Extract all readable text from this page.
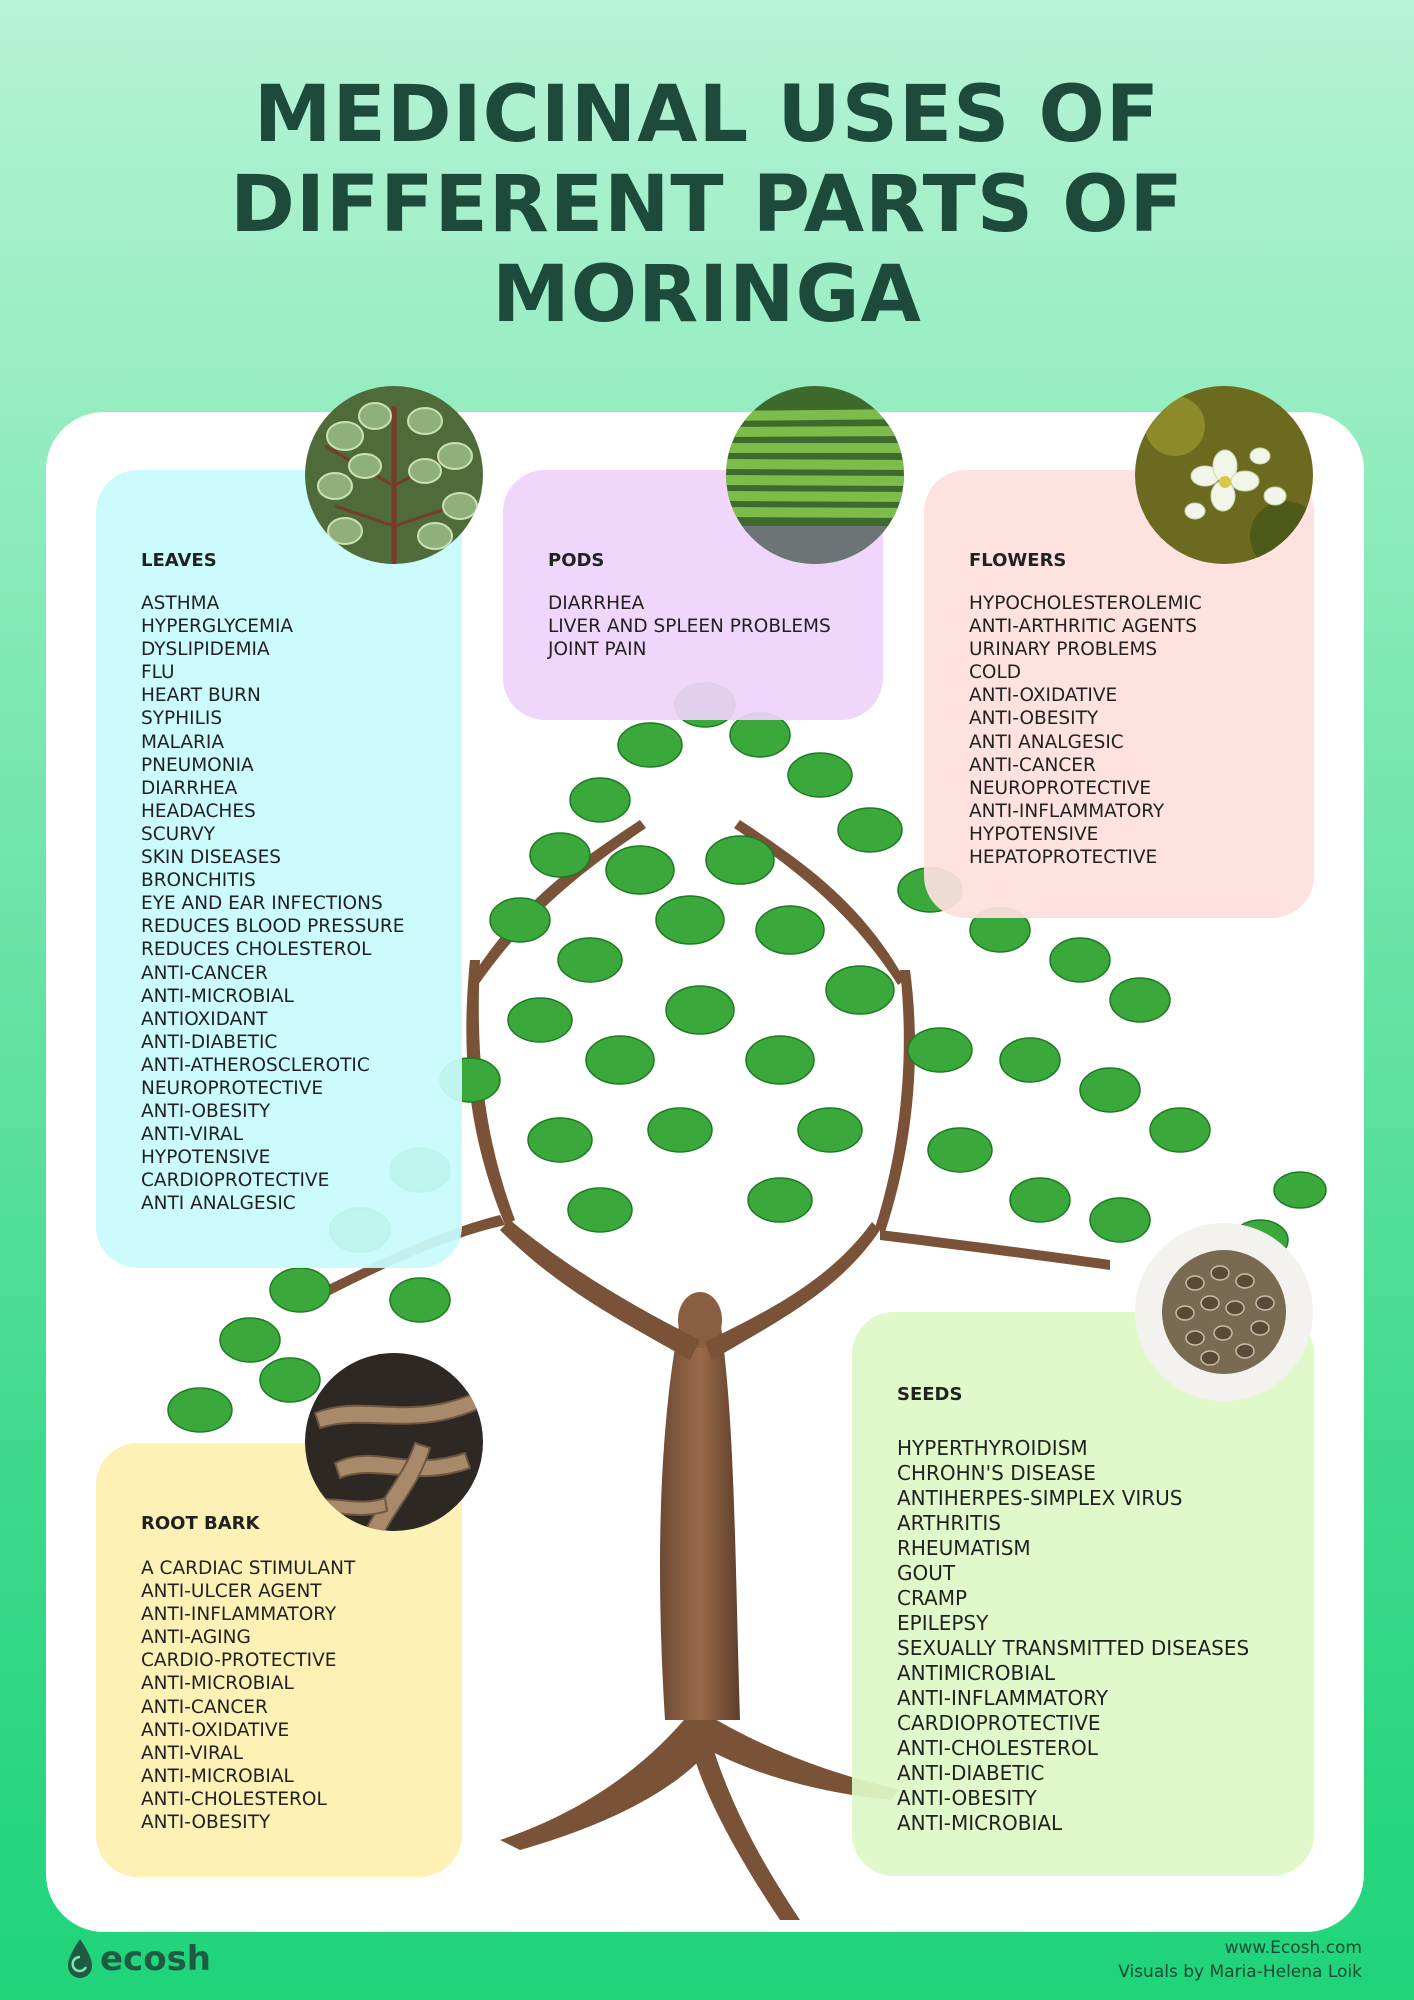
MEDICINAL USES OF
DIFFERENT PARTS OF
MORINGA
LEAVES
ASTHMA
HYPERGLYCEMIA
DYSLIPIDEMIA
FLU
HEART BURN
SYPHILIS
MALARIA
PNEUMONIA
DIARRHEA
HEADACHES
SCURVY
SKIN DISEASES
BRONCHITIS
EYE AND EAR INFECTIONS
REDUCES BLOOD PRESSURE
REDUCES CHOLESTEROL
ANTI-CANCER
ANTI-MICROBIAL
ANTIOXIDANT
ANTI-DIABETIC
ANTI-ATHEROSCLEROTIC
NEUROPROTECTIVE
ANTI-OBESITY
ANTI-VIRAL
HYPOTENSIVE
CARDIOPROTECTIVE
ANTI ANALGESIC
PODS
DIARRHEA
LIVER AND SPLEEN PROBLEMS
JOINT PAIN
FLOWERS
HYPOCHOLESTEROLEMIC
ANTI-ARTHRITIC AGENTS
URINARY PROBLEMS
COLD
ANTI-OXIDATIVE
ANTI-OBESITY
ANTI ANALGESIC
ANTI-CANCER
NEUROPROTECTIVE
ANTI-INFLAMMATORY
HYPOTENSIVE
HEPATOPROTECTIVE
ROOT BARK
A CARDIAC STIMULANT
ANTI-ULCER AGENT
ANTI-INFLAMMATORY
ANTI-AGING
CARDIO-PROTECTIVE
ANTI-MICROBIAL
ANTI-CANCER
ANTI-OXIDATIVE
ANTI-VIRAL
ANTI-MICROBIAL
ANTI-CHOLESTEROL
ANTI-OBESITY
SEEDS
HYPERTHYROIDISM
CHROHN'S DISEASE
ANTIHERPES-SIMPLEX VIRUS
ARTHRITIS
RHEUMATISM
GOUT
CRAMP
EPILEPSY
SEXUALLY TRANSMITTED DISEASES
ANTIMICROBIAL
ANTI-INFLAMMATORY
CARDIOPROTECTIVE
ANTI-CHOLESTEROL
ANTI-DIABETIC
ANTI-OBESITY
ANTI-MICROBIAL
ecosh	www.Ecosh.com
Visuals by Maria-Helena Loik
